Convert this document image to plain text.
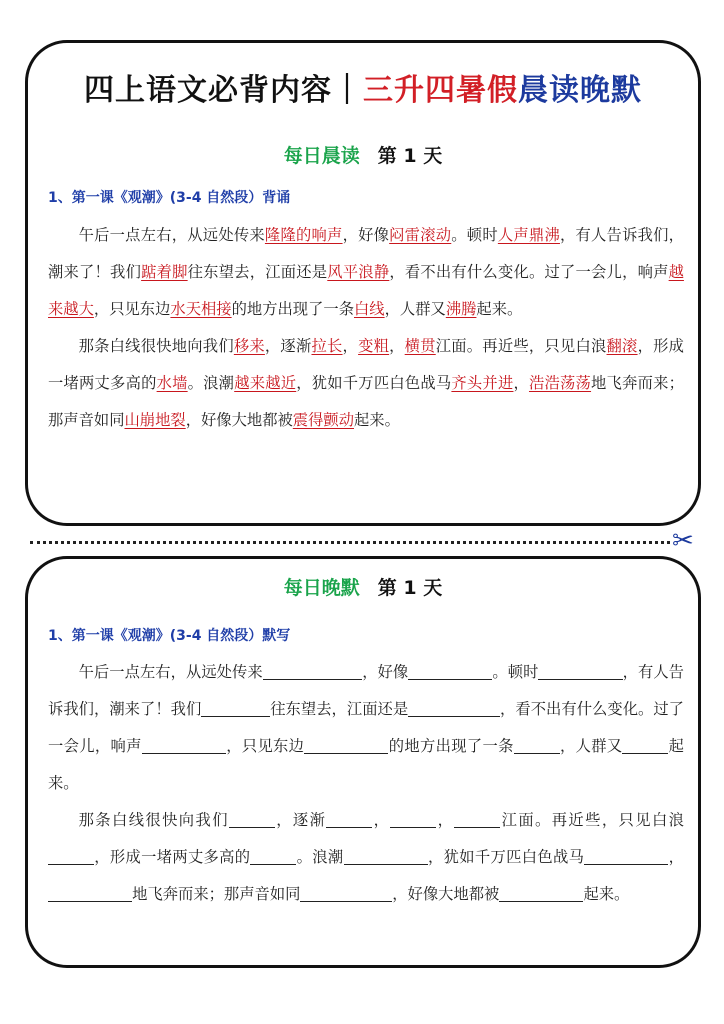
四上语文必背内容｜三升四暑假晨读晚默
每日晨读 第 1 天
1、第一课《观潮》(3-4 自然段）背诵

午后一点左右，从远处传来隆隆的响声，好像闷雷滚动。顿时人声鼎沸，有人告诉我们，潮来了！我们踮着脚往东望去，江面还是风平浪静，看不出有什么变化。过了一会儿，响声越来越大，只见东边水天相接的地方出现了一条白线，人群又沸腾起来。

那条白线很快地向我们移来，逐渐拉长，变粗，横贯江面。再近些，只见白浪翻滚，形成一堵两丈多高的水墙。浪潮越来越近，犹如千万匹白色战马齐头并进，浩浩荡荡地飞奔而来；那声音如同山崩地裂，好像大地都被震得颤动起来。

✂
每日晚默 第 1 天
1、第一课《观潮》(3-4 自然段）默写

午后一点左右，从远处传来	，好像	。顿时	，有人告诉我们，潮来了！我们	往东望去，江面还是	，看不出有什么变化。过了一会儿，响声	，只见东边	的地方出现了一条	，人群又	起来。

那条白线很快向我们	，逐渐	，	，	江面。再近些，只见白浪，形成一堵两丈多高的	。浪潮	，犹如千万匹白色战马	，地飞奔而来；那声音如同	，好像大地都被	起来。
